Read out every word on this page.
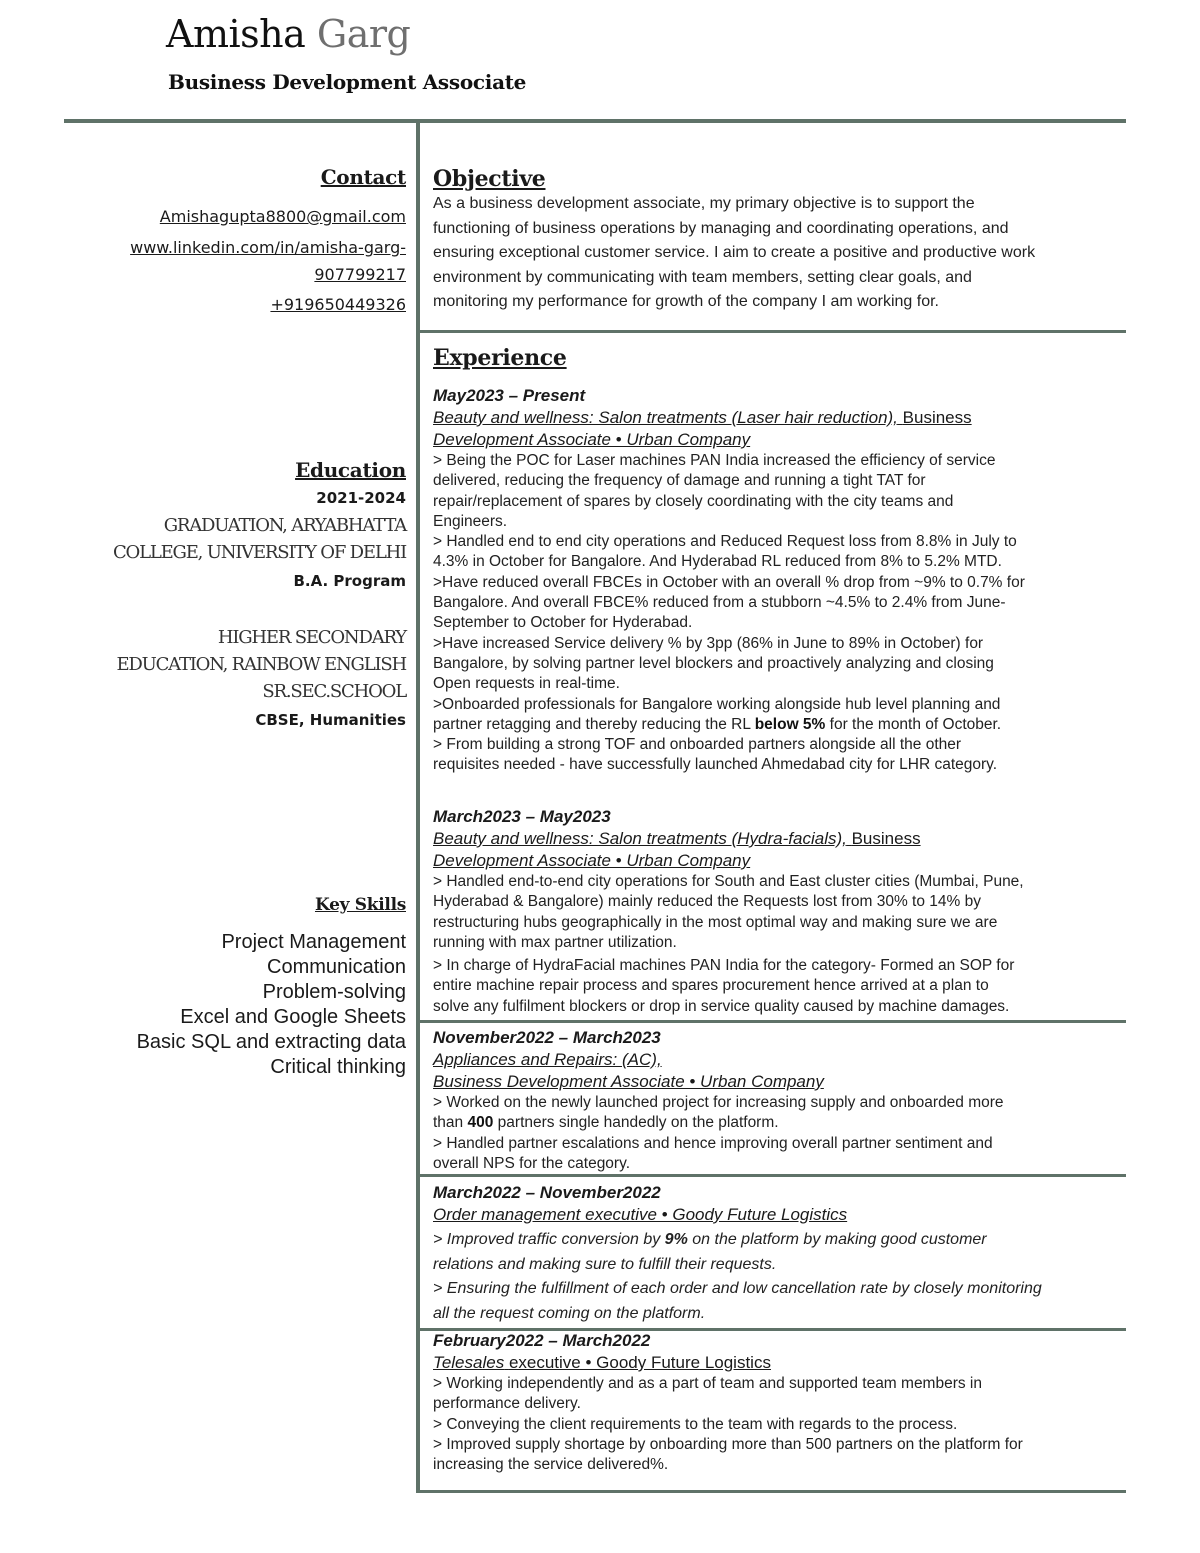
Amisha Garg
Business Development Associate
Contact
Amishagupta8800@gmail.com
www.linkedin.com/in/amisha-garg-
907799217
+919650449326
Education
2021-2024
GRADUATION, ARYABHATTA
COLLEGE, UNIVERSITY OF DELHI
B.A. Program
HIGHER SECONDARY
EDUCATION, RAINBOW ENGLISH
SR.SEC.SCHOOL
CBSE, Humanities
Key Skills
Project Management
Communication
Problem-solving
Excel and Google Sheets
Basic SQL and extracting data
Critical thinking
Objective
As a business development associate, my primary objective is to support the
functioning of business operations by managing and coordinating operations, and
ensuring exceptional customer service. I aim to create a positive and productive work
environment by communicating with team members, setting clear goals, and
monitoring my performance for growth of the company I am working for.
Experience
May2023 – Present
Beauty and wellness: Salon treatments (Laser hair reduction), Business
Development Associate • Urban Company
> Being the POC for Laser machines PAN India increased the efficiency of service
delivered, reducing the frequency of damage and running a tight TAT for
repair/replacement of spares by closely coordinating with the city teams and
Engineers.
> Handled end to end city operations and Reduced Request loss from 8.8% in July to
4.3% in October for Bangalore. And Hyderabad RL reduced from 8% to 5.2% MTD.
>Have reduced overall FBCEs in October with an overall % drop from ~9% to 0.7% for
Bangalore. And overall FBCE% reduced from a stubborn ~4.5% to 2.4% from June-
September to October for Hyderabad.
>Have increased Service delivery % by 3pp (86% in June to 89% in October) for
Bangalore, by solving partner level blockers and proactively analyzing and closing
Open requests in real-time.
>Onboarded professionals for Bangalore working alongside hub level planning and
partner retagging and thereby reducing the RL below 5% for the month of October.
> From building a strong TOF and onboarded partners alongside all the other
requisites needed - have successfully launched Ahmedabad city for LHR category.
March2023 – May2023
Beauty and wellness: Salon treatments (Hydra-facials), Business
Development Associate • Urban Company
> Handled end-to-end city operations for South and East cluster cities (Mumbai, Pune,
Hyderabad & Bangalore) mainly reduced the Requests lost from 30% to 14% by
restructuring hubs geographically in the most optimal way and making sure we are
running with max partner utilization.
> In charge of HydraFacial machines PAN India for the category- Formed an SOP for
entire machine repair process and spares procurement hence arrived at a plan to
solve any fulfilment blockers or drop in service quality caused by machine damages.
November2022 – March2023
Appliances and Repairs: (AC),
Business Development Associate • Urban Company
> Worked on the newly launched project for increasing supply and onboarded more
than 400 partners single handedly on the platform.
> Handled partner escalations and hence improving overall partner sentiment and
overall NPS for the category.
March2022 – November2022
Order management executive • Goody Future Logistics
> Improved traffic conversion by 9% on the platform by making good customer
relations and making sure to fulfill their requests.
> Ensuring the fulfillment of each order and low cancellation rate by closely monitoring
all the request coming on the platform.
February2022 – March2022
Telesales executive • Goody Future Logistics
> Working independently and as a part of team and supported team members in
performance delivery.
> Conveying the client requirements to the team with regards to the process.
> Improved supply shortage by onboarding more than 500 partners on the platform for
increasing the service delivered%.
